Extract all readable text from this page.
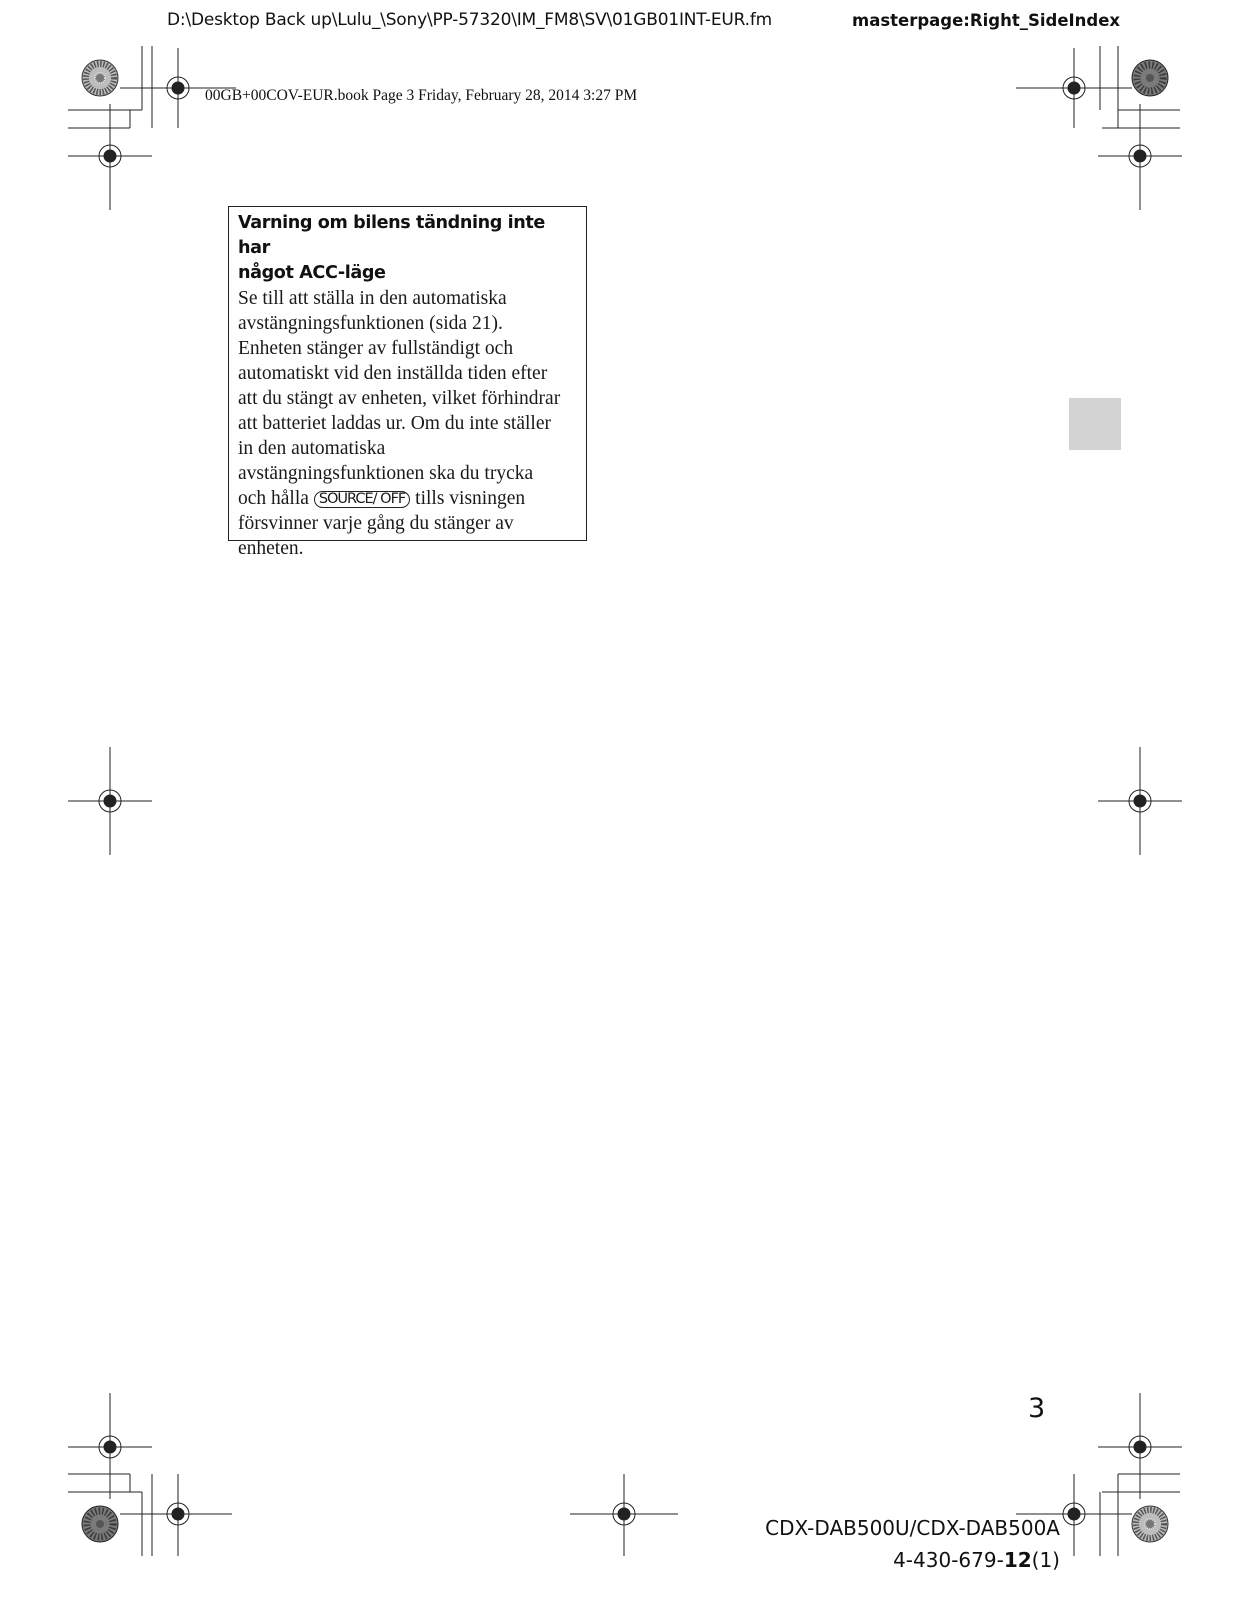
D:\Desktop Back up\Lulu_\Sony\PP-57320\IM_FM8\SV\01GB01INT-EUR.fm	masterpage:Right_SideIndex
00GB+00COV-EUR.book Page 3 Friday, February 28, 2014 3:27 PM

Varning om bilens tändning inte har
något ACC-läge

Se till att ställa in den automatiska
avstängningsfunktionen (sida 21).
Enheten stänger av fullständigt och
automatiskt vid den inställda tiden efter
att du stängt av enheten, vilket förhindrar
att batteriet laddas ur. Om du inte ställer
in den automatiska
avstängningsfunktionen ska du trycka
och hålla SOURCE/ OFF tills visningen
försvinner varje gång du stänger av
enheten.

3
CDX-DAB500U/CDX-DAB500A
4-430-679-12(1)
